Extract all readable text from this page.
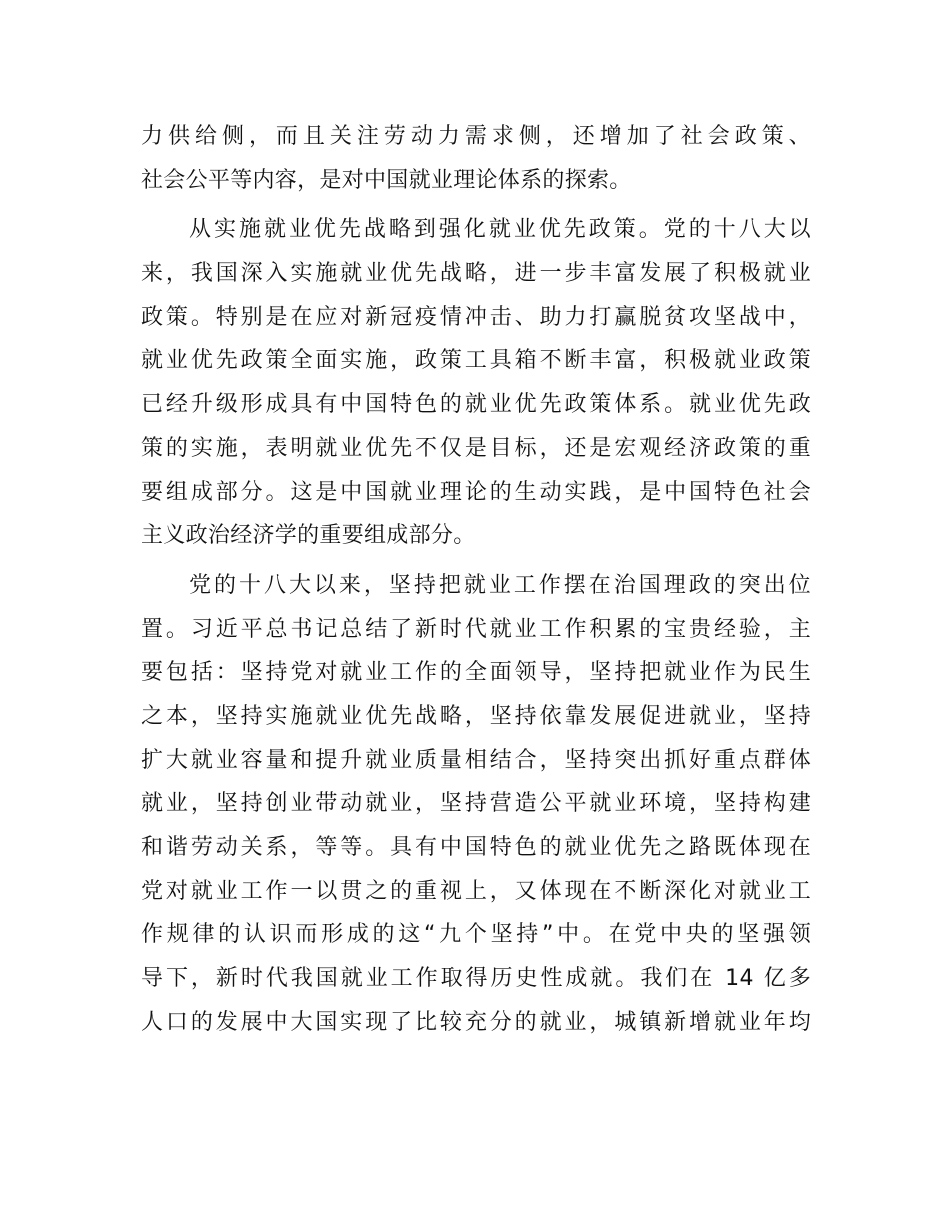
力供给侧，而且关注劳动力需求侧，还增加了社会政策、
社会公平等内容，是对中国就业理论体系的探索。
从实施就业优先战略到强化就业优先政策。党的十八大以
来，我国深入实施就业优先战略，进一步丰富发展了积极就业
政策。特别是在应对新冠疫情冲击、助力打赢脱贫攻坚战中，
就业优先政策全面实施，政策工具箱不断丰富，积极就业政策
已经升级形成具有中国特色的就业优先政策体系。就业优先政
策的实施，表明就业优先不仅是目标，还是宏观经济政策的重
要组成部分。这是中国就业理论的生动实践，是中国特色社会
主义政治经济学的重要组成部分。
党的十八大以来，坚持把就业工作摆在治国理政的突出位
置。习近平总书记总结了新时代就业工作积累的宝贵经验，主
要包括：坚持党对就业工作的全面领导，坚持把就业作为民生
之本，坚持实施就业优先战略，坚持依靠发展促进就业，坚持
扩大就业容量和提升就业质量相结合，坚持突出抓好重点群体
就业，坚持创业带动就业，坚持营造公平就业环境，坚持构建
和谐劳动关系，等等。具有中国特色的就业优先之路既体现在
党对就业工作一以贯之的重视上，又体现在不断深化对就业工
作规律的认识而形成的这“九个坚持”中。在党中央的坚强领
导下，新时代我国就业工作取得历史性成就。我们在 14 亿多
人口的发展中大国实现了比较充分的就业，城镇新增就业年均
